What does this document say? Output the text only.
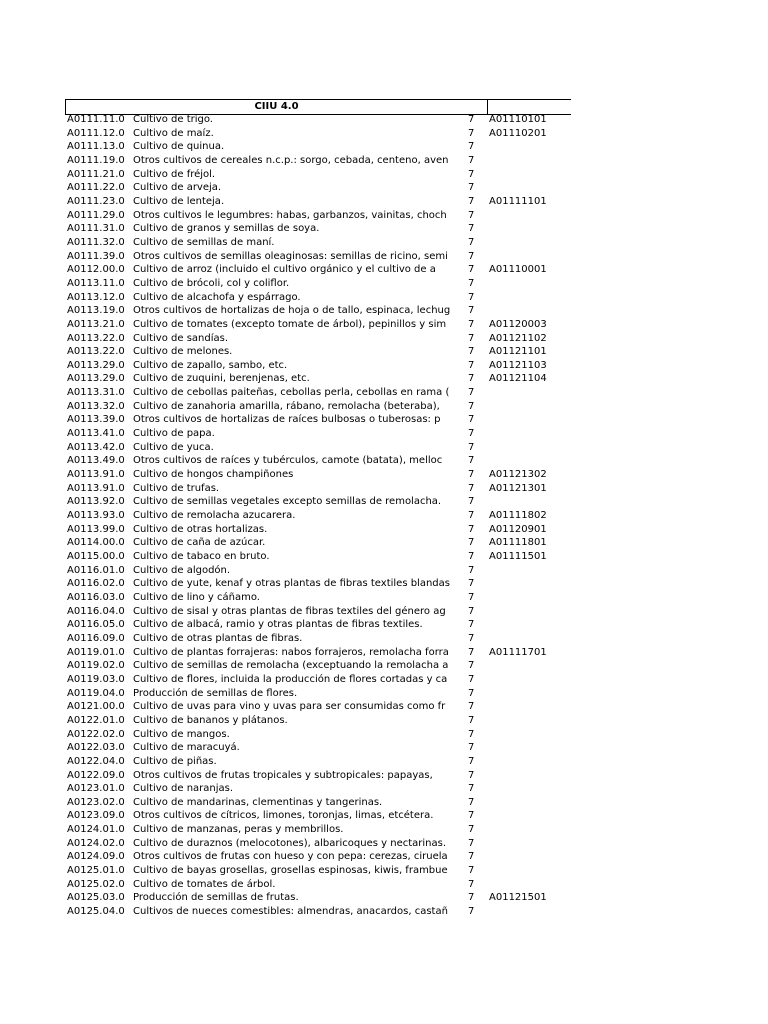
CIIU 4.0
A0111.11.0 Cultivo de trigo.	7	A01110101
A0111.12.0 Cultivo de maíz.	7	A01110201
A0111.13.0 Cultivo de quinua.	7
A0111.19.0 Otros cultivos de cereales n.c.p.: sorgo, cebada, centeno, aven	7
A0111.21.0 Cultivo de fréjol.	7
A0111.22.0 Cultivo de arveja.	7
A0111.23.0 Cultivo de lenteja.	7	A01111101
A0111.29.0 Otros cultivos le legumbres: habas, garbanzos, vainitas, choch	7
A0111.31.0 Cultivo de granos y semillas de soya.	7
A0111.32.0 Cultivo de semillas de maní.	7
A0111.39.0 Otros cultivos de semillas oleaginosas: semillas de ricino, semi	7
A0112.00.0 Cultivo de arroz (incluido el cultivo orgánico y el cultivo de a	7	A01110001
A0113.11.0 Cultivo de brócoli, col y coliflor.	7
A0113.12.0 Cultivo de alcachofa y espárrago.	7
A0113.19.0 Otros cultivos de hortalizas de hoja o de tallo, espinaca, lechug	7
A0113.21.0 Cultivo de tomates (excepto tomate de árbol), pepinillos y sim	7	A01120003
A0113.22.0 Cultivo de sandías.	7	A01121102
A0113.22.0 Cultivo de melones.	7	A01121101
A0113.29.0 Cultivo de zapallo, sambo, etc.	7	A01121103
A0113.29.0 Cultivo de zuquini, berenjenas, etc.	7	A01121104
A0113.31.0 Cultivo de cebollas paiteñas, cebollas perla, cebollas en rama (	7
A0113.32.0 Cultivo de zanahoria amarilla, rábano, remolacha (beteraba),	7
A0113.39.0 Otros cultivos de hortalizas de raíces bulbosas o tuberosas: p	7
A0113.41.0 Cultivo de papa.	7
A0113.42.0 Cultivo de yuca.	7
A0113.49.0 Otros cultivos de raíces y tubérculos, camote (batata), melloc	7
A0113.91.0 Cultivo de hongos champiñones	7	A01121302
A0113.91.0 Cultivo de trufas.	7	A01121301
A0113.92.0 Cultivo de semillas vegetales excepto semillas de remolacha.	7
A0113.93.0 Cultivo de remolacha azucarera.	7	A01111802
A0113.99.0 Cultivo de otras hortalizas.	7	A01120901
A0114.00.0 Cultivo de caña de azúcar.	7	A01111801
A0115.00.0 Cultivo de tabaco en bruto.	7	A01111501
A0116.01.0 Cultivo de algodón.	7
A0116.02.0 Cultivo de yute, kenaf y otras plantas de fibras textiles blandas	7
A0116.03.0 Cultivo de lino y cáñamo.	7
A0116.04.0 Cultivo de sisal y otras plantas de fibras textiles del género ag	7
A0116.05.0 Cultivo de albacá, ramio y otras plantas de fibras textiles.	7
A0116.09.0 Cultivo de otras plantas de fibras.	7
A0119.01.0 Cultivo de plantas forrajeras: nabos forrajeros, remolacha forra	7	A01111701
A0119.02.0 Cultivo de semillas de remolacha (exceptuando la remolacha a	7
A0119.03.0 Cultivo de flores, incluida la producción de flores cortadas y ca	7
A0119.04.0 Producción de semillas de flores.	7
A0121.00.0 Cultivo de uvas para vino y uvas para ser consumidas como fr	7
A0122.01.0 Cultivo de bananos y plátanos.	7
A0122.02.0 Cultivo de mangos.	7
A0122.03.0 Cultivo de maracuyá.	7
A0122.04.0 Cultivo de piñas.	7
A0122.09.0 Otros cultivos de frutas tropicales y subtropicales: papayas,	7
A0123.01.0 Cultivo de naranjas.	7
A0123.02.0 Cultivo de mandarinas, clementinas y tangerinas.	7
A0123.09.0 Otros cultivos de cítricos, limones, toronjas, limas, etcétera.	7
A0124.01.0 Cultivo de manzanas, peras y membrillos.	7
A0124.02.0 Cultivo de duraznos (melocotones), albaricoques y nectarinas.	7
A0124.09.0 Otros cultivos de frutas con hueso y con pepa: cerezas, ciruela	7
A0125.01.0 Cultivo de bayas grosellas, grosellas espinosas, kiwis, frambue	7
A0125.02.0 Cultivo de tomates de árbol.	7
A0125.03.0 Producción de semillas de frutas.	7	A01121501
A0125.04.0 Cultivos de nueces comestibles: almendras, anacardos, castañ	7
